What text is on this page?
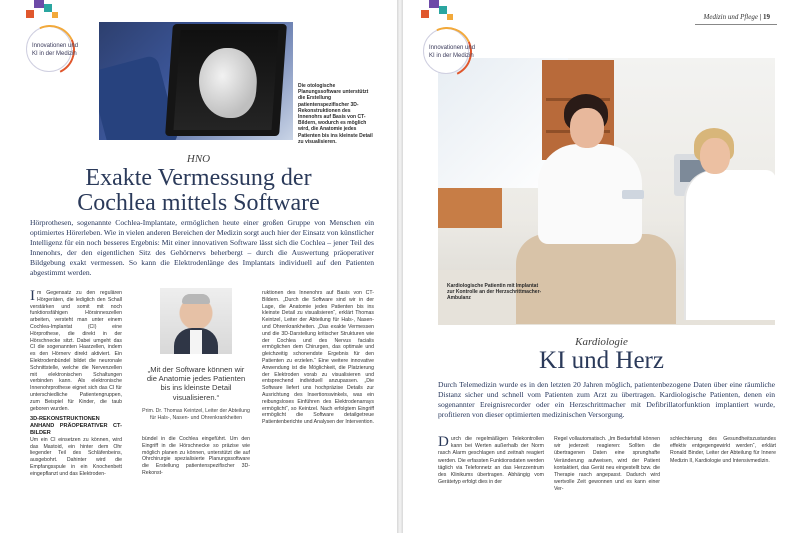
Innovationen und
KI in der Medizin
Die otologische Planungssoftware unterstützt die Erstellung patientenspezifischer 3D-Rekonstruktionen des Innenohrs auf Basis von CT-Bildern, wodurch es möglich wird, die Anatomie jedes Patienten bis ins kleinste Detail zu visualisieren.
HNO
Exakte Vermessung der
Cochlea mittels Software
Hörprothesen, sogenannte Cochlea-Implantate, ermöglichen heute einer großen Gruppe von Menschen ein optimiertes Hörerleben. Wie in vielen anderen Bereichen der Medizin sorgt auch hier der Einsatz von künstlicher Intelligenz für ein noch besseres Ergebnis: Mit einer innovativen Software lässt sich die Cochlea – jener Teil des Innenohrs, der den eigentlichen Sitz des Gehörnervs beherbergt – durch die Auswertung präoperativer Bildgebung exakt vermessen. So kann die Elektrodenlänge des Implantats individuell auf den Patienten abgestimmt werden.

Im Gegensatz zu den regulären Hörgeräten, die lediglich den Schall verstärken und somit mit noch funktionsfähigen Hörsinneszellen arbeiten, versteht man unter einem Cochlea-Implantat (CI) eine Hörprothese, die direkt in der Hörschnecke sitzt. Dabei umgeht das CI die sogenannten Haarzellen, indem es den Hörnerv direkt aktiviert. Ein Elektrodenbündel bildet die neuronale Schnittstelle, welche die Nervenzellen mit elektronischen Schaltungen verbinden kann. Als elektronische Innenohrprothese eignet sich das CI für unterschiedliche Patientengruppen, zum Beispiel für Kinder, die taub geboren wurden.

3D-REKONSTRUKTIONEN ANHAND PRÄOPERATIVER CT-BILDER

Um ein CI einsetzen zu können, wird das Mastoid, ein hinter dem Ohr liegender Teil des Schläfenbeins, ausgebohrt. Dahinter wird die Empfangsspule in ein Knochenbett eingepflanzt und das Elektroden-

„Mit der Software können wir die Anatomie jedes Patienten bis ins kleinste Detail visualisieren.“
Prim. Dr. Thomas Keintzel, Leiter der Abteilung für Hals-, Nasen- und Ohrenkrankheiten
bündel in die Cochlea eingeführt. Um den Eingriff in die Hörschnecke so präzise wie möglich planen zu können, unterstützt die auf Ohrchirurgie spezialisierte Planungssoftware die Erstellung patientenspezifischer 3D-Rekonst-
ruktionen des Innenohrs auf Basis von CT-Bildern. „Durch die Software sind wir in der Lage, die Anatomie jedes Patienten bis ins kleinste Detail zu visualisieren“, erklärt Thomas Keintzel, Leiter der Abteilung für Hals-, Nasen- und Ohrenkrankheiten. „Das exakte Vermessen und die 3D-Darstellung kritischer Strukturen wie der Cochlea und des Nervus facialis ermöglichen dem Chirurgen, das optimale und gleichzeitig schonendste Ergebnis für den Patienten zu erzielen.“ Eine weitere innovative Anwendung ist die Möglichkeit, die Platzierung der Elektroden vorab zu visualisieren und entsprechend individuell anzupassen. „Die Software liefert uns hochpräzise Details zur Ausrichtung des Insertionswinkels, was ein reibungsloses Einführen des Elektrodenarrays ermöglicht“, so Keintzel. Nach erfolgtem Eingriff ermöglicht die Software detailgetreue Patientenberichte und Analysen der Intervention.
Medizin und Pflege | 19
Innovationen und
KI in der Medizin
Kardiologische Patientin mit Implantat zur Kontrolle an der Herzschrittmacher-Ambulanz
Kardiologie
KI und Herz
Durch Telemedizin wurde es in den letzten 20 Jahren möglich, patientenbezogene Daten über eine räumliche Distanz sicher und schnell vom Patienten zum Arzt zu übertragen. Kardiologische Patienten, denen ein sogenannter Ereignisrecorder oder ein Herzschrittmacher mit Defibrillatorfunktion implantiert wurde, profitieren von dieser optimierten medizinischen Versorgung.
Durch die regelmäßigen Telekontrollen kann bei Werten außerhalb der Norm rasch Alarm geschlagen und zeitnah reagiert werden. Die erfassten Funktionsdaten werden täglich via Telefonnetz an das Herzzentrum des Klinikums übertragen. Abhängig vom Gerätetyp erfolgt dies in der
Regel vollautomatisch. „Im Bedarfsfall können wir jederzeit reagieren: Sollten die übertragenen Daten eine sprunghafte Veränderung aufweisen, wird der Patient kontaktiert, das Gerät neu eingestellt bzw. die Therapie rasch angepasst. Dadurch wird wertvolle Zeit gewonnen und es kann einer Ver-
schlechterung des Gesundheitszustandes effektiv entgegengewirkt werden“, erklärt Ronald Binder, Leiter der Abteilung für Innere Medizin II, Kardiologie und Intensivmedizin.
